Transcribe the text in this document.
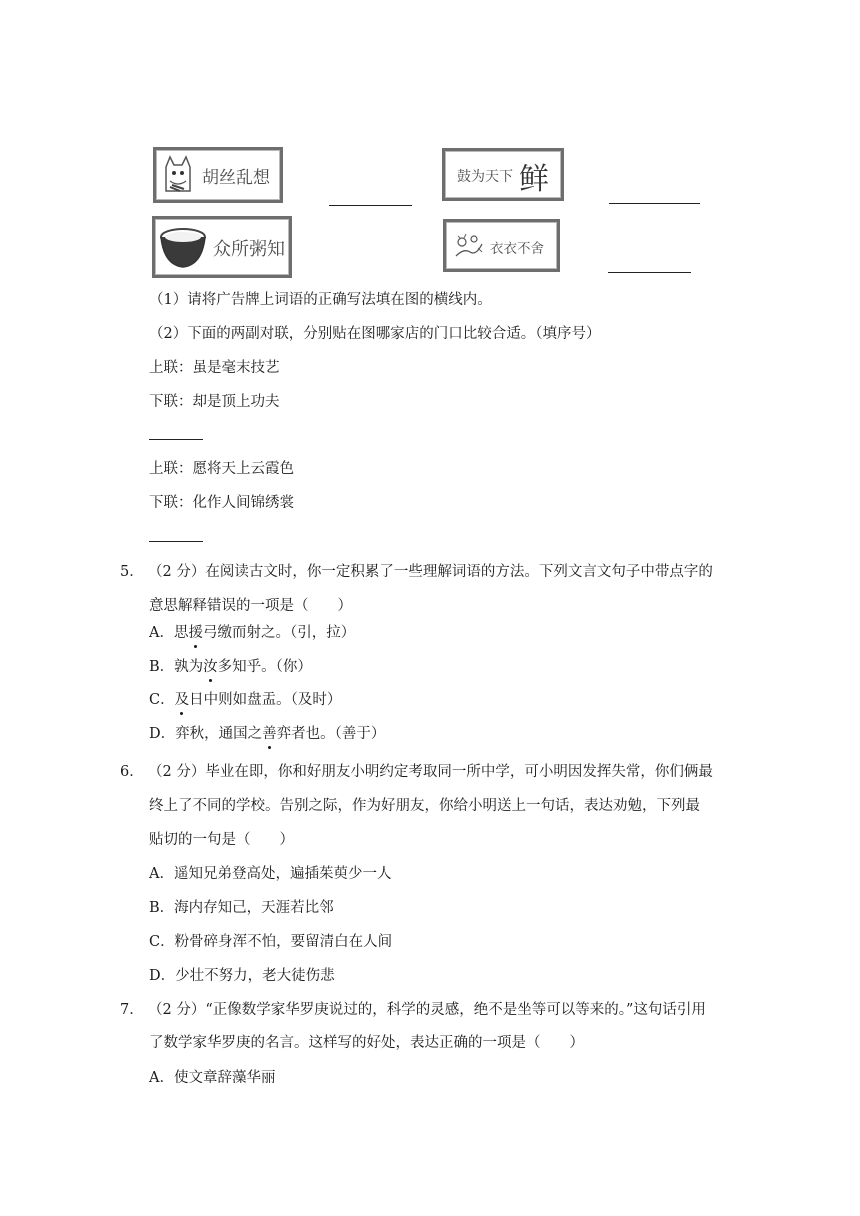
胡丝乱想	鼓为天下 鲜
众所粥知	衣衣不舍
（1）请将广告牌上词语的正确写法填在图的横线内。
（2）下面的两副对联，分别贴在图哪家店的门口比较合适。（填序号）
上联：虽是毫末技艺
下联：却是顶上功夫
上联：愿将天上云霞色
下联：化作人间锦绣裳
5． （2 分）在阅读古文时，你一定积累了一些理解词语的方法。下列文言文句子中带点字的
意思解释错误的一项是（　　）
A．思援弓缴而射之。（引，拉）
B．孰为汝多知乎。（你）
C．及日中则如盘盂。（及时）
D．弈秋，通国之善弈者也。（善于）
6． （2 分）毕业在即，你和好朋友小明约定考取同一所中学，可小明因发挥失常，你们俩最
终上了不同的学校。告别之际，作为好朋友，你给小明送上一句话，表达劝勉，下列最
贴切的一句是（　　）
A．遥知兄弟登高处，遍插茱萸少一人
B．海内存知己，天涯若比邻
C．粉骨碎身浑不怕，要留清白在人间
D．少壮不努力，老大徒伤悲
7． （2 分）“正像数学家华罗庚说过的，科学的灵感，绝不是坐等可以等来的。”这句话引用
了数学家华罗庚的名言。这样写的好处，表达正确的一项是（　　）
A．使文章辞藻华丽
